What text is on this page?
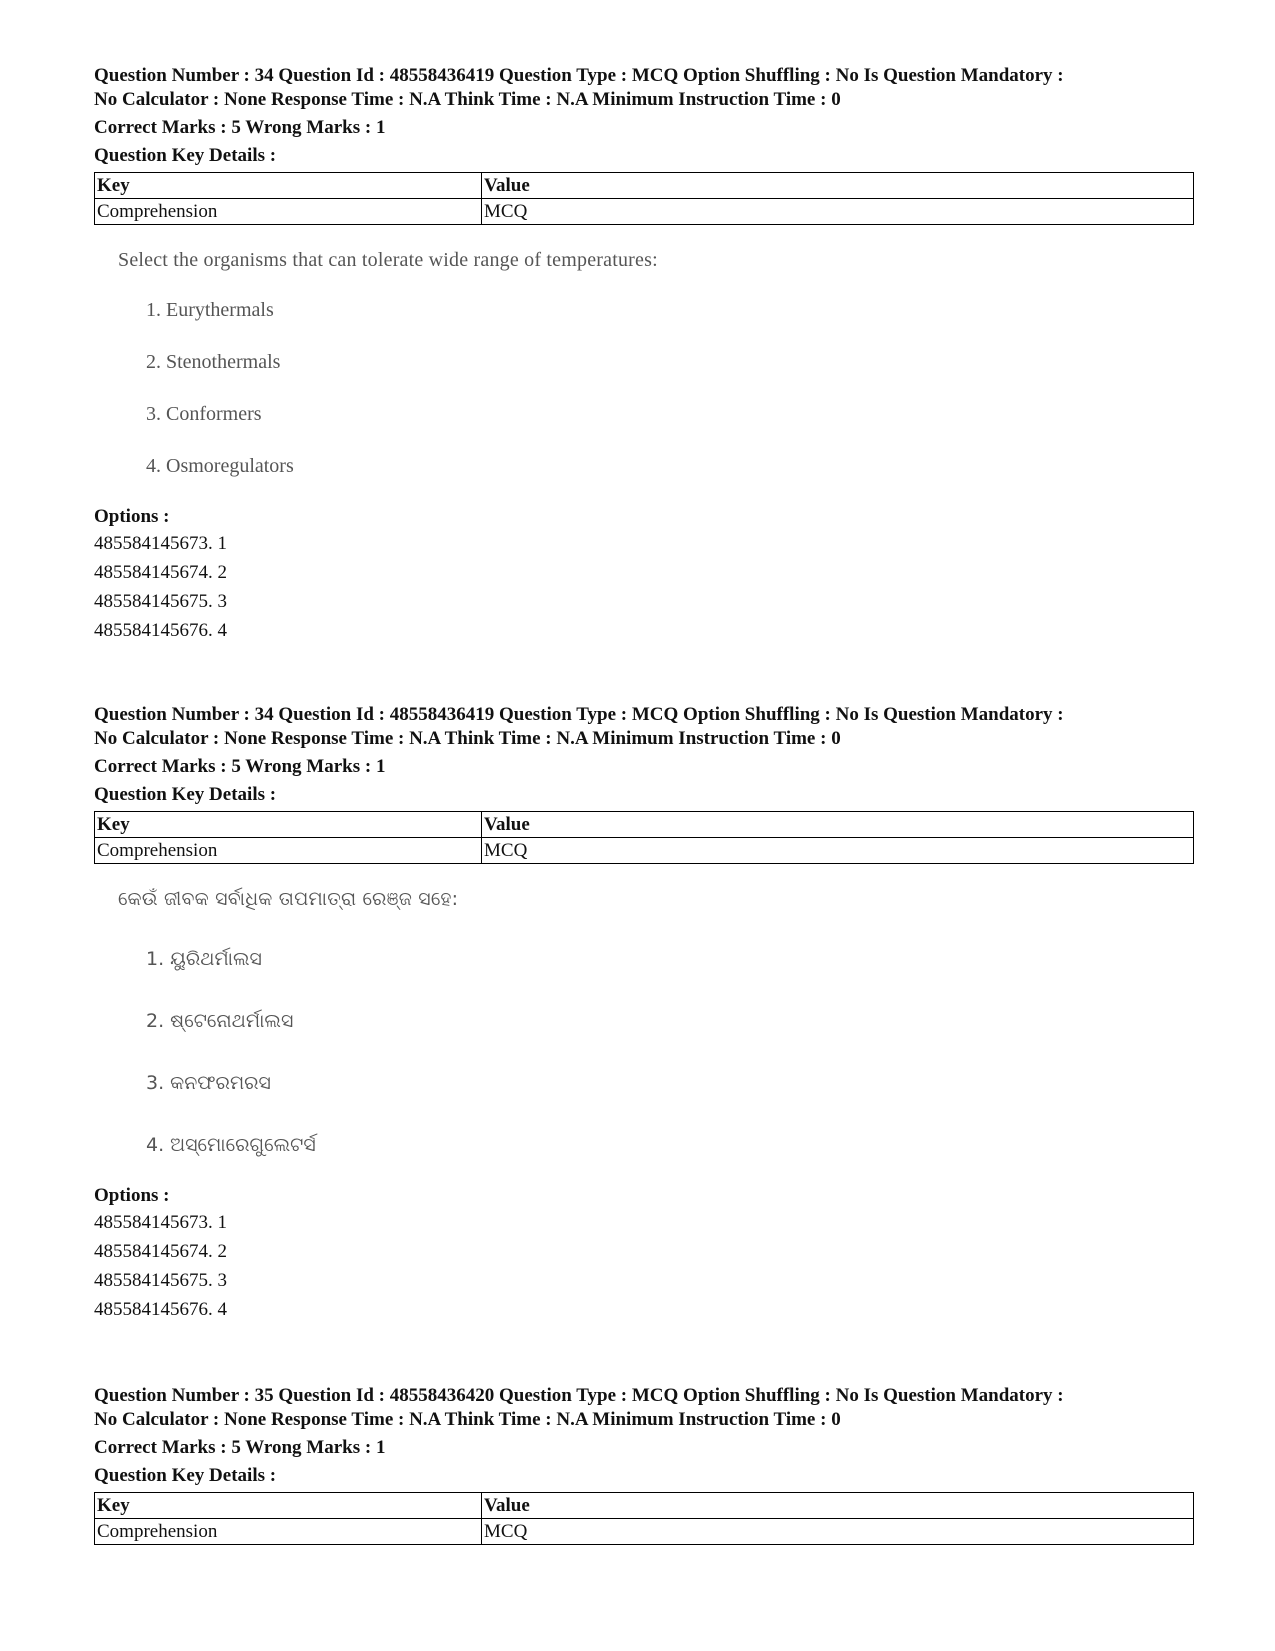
Question Number : 34 Question Id : 48558436419 Question Type : MCQ Option Shuffling : No Is Question Mandatory :

No Calculator : None Response Time : N.A Think Time : N.A Minimum Instruction Time : 0

Correct Marks : 5 Wrong Marks : 1
Question Key Details :
Key	Value
Comprehension	MCQ
Select the organisms that can tolerate wide range of temperatures:
1. Eurythermals
2. Stenothermals
3. Conformers
4. Osmoregulators
Options :
485584145673. 1
485584145674. 2
485584145675. 3
485584145676. 4

Question Number : 34 Question Id : 48558436419 Question Type : MCQ Option Shuffling : No Is Question Mandatory :

No Calculator : None Response Time : N.A Think Time : N.A Minimum Instruction Time : 0

Correct Marks : 5 Wrong Marks : 1
Question Key Details :
Key	Value
Comprehension	MCQ
କେଉଁ ଜୀବକ ସର୍ବାଧିକ ତାପମାତ୍ରା ରେଞ୍ଜ ସହେ:
1. ୟୁରିଥର୍ମାଲସ
2. ଷ୍ଟେନୋଥର୍ମାଲସ
3. କନଫରମରସ
4. ଅସ୍ମୋରେଗୁଲେଟର୍ସ
Options :
485584145673. 1
485584145674. 2
485584145675. 3
485584145676. 4

Question Number : 35 Question Id : 48558436420 Question Type : MCQ Option Shuffling : No Is Question Mandatory :

No Calculator : None Response Time : N.A Think Time : N.A Minimum Instruction Time : 0

Correct Marks : 5 Wrong Marks : 1
Question Key Details :
Key	Value
Comprehension	MCQ
